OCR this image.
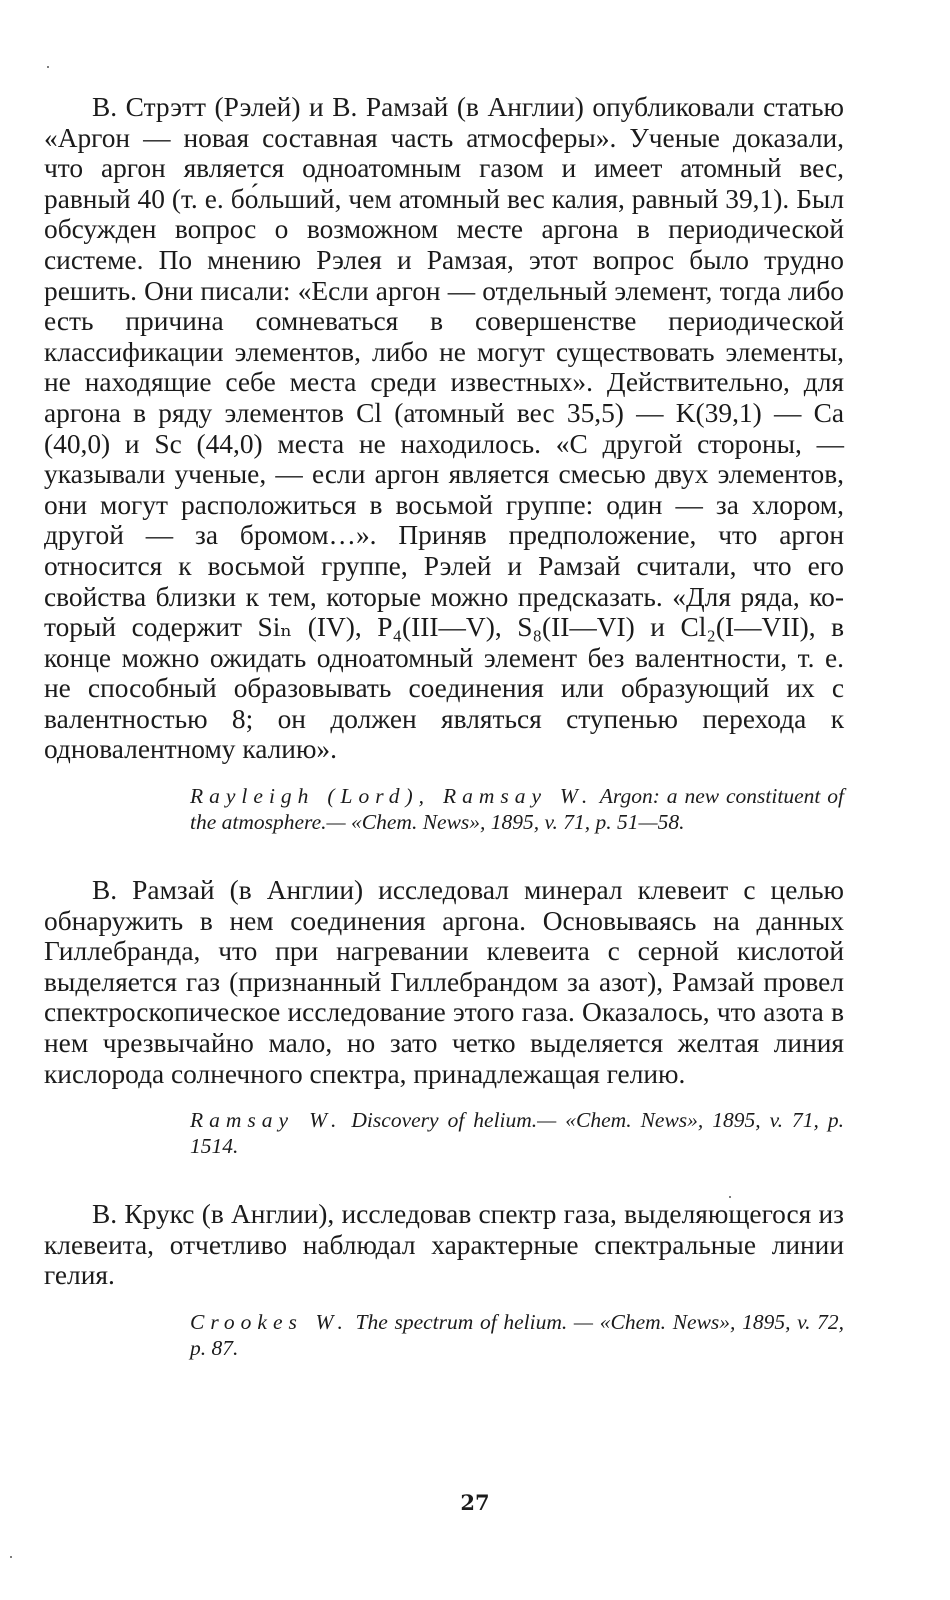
В. Стрэтт (Рэлей) и В. Рамзай (в Англии) опубликовали статью «Аргон — новая составная часть атмосферы». Ученые доказали, что аргон является одноатомным газом и имеет атомный вес, равный 40 (т. е. бо́льший, чем атомный вес калия, равный 39,1). Был обсужден вопрос о возможном месте аргона в периодической системе. По мнению Рэлея и Рамзая, этот вопрос было трудно решить. Они писали: «Если аргон — отдельный элемент, тогда либо есть причина сомневаться в совершенстве периодической классификации элементов, либо не могут существовать элементы, не находящие себе места среди известных». Действительно, для аргона в ряду элементов Cl (атомный вес 35,5) — K(39,1) — Ca (40,0) и Sc (44,0) места не находилось. «С другой стороны, — указывали ученые, — если аргон является смесью двух элементов, они могут расположиться в восьмой группе: один — за хлором, другой — за бромом…». Приняв предположение, что аргон относится к восьмой группе, Рэлей и Рамзай считали, что его свойства близки к тем, которые можно предсказать. «Для ряда, который содержит Siₙ (IV), P₄(III—V), S₈(II—VI) и Cl₂(I—VII), в конце можно ожидать одноатомный элемент без валентности, т. е. не способный образовывать соединения или образующий их с валентностью 8; он должен являться ступенью перехода к одновалентному калию».

Rayleigh (Lord), Ramsay W. Argon: a new constituent of the atmosphere.— «Chem. News», 1895, v. 71, p. 51—58.

В. Рамзай (в Англии) исследовал минерал клевеит с целью обнаружить в нем соединения аргона. Основываясь на данных Гиллебранда, что при нагревании клевеита с серной кислотой выделяется газ (признанный Гиллебрандом за азот), Рамзай провел спектроскопическое исследование этого газа. Оказалось, что азота в нем чрезвычайно мало, но зато четко выделяется желтая линия кислорода солнечного спектра, принадлежащая гелию.

Ramsay W. Discovery of helium.— «Chem. News», 1895, v. 71, p. 1514.

В. Крукс (в Англии), исследовав спектр газа, выделяющегося из клевеита, отчетливо наблюдал характерные спектральные линии гелия.

Crookes W. The spectrum of helium. — «Chem. News», 1895, v. 72, p. 87.

27
